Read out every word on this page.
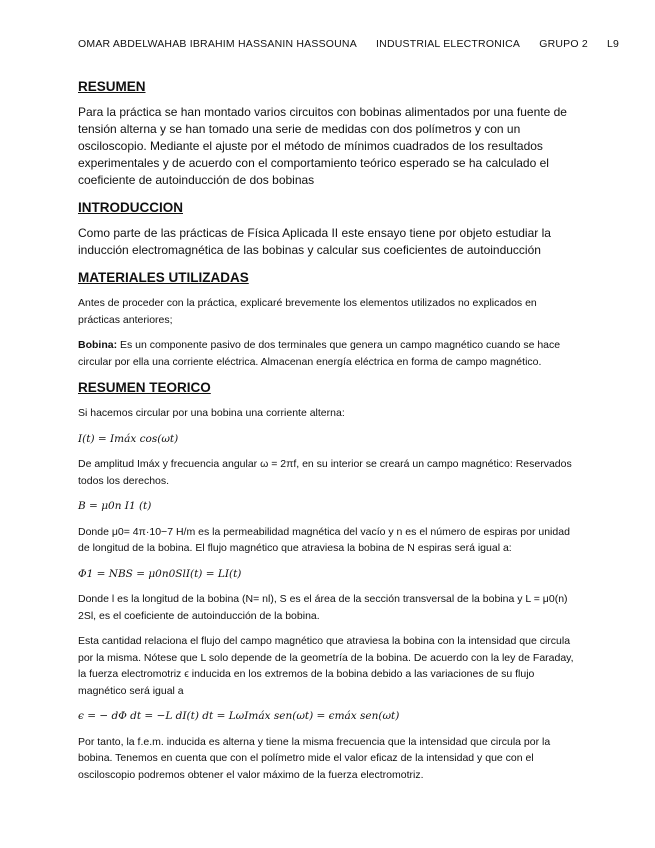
OMAR ABDELWAHAB IBRAHIM HASSANIN HASSOUNA INDUSTRIAL ELECTRONICA GRUPO 2 L9
RESUMEN

Para la práctica se han montado varios circuitos con bobinas alimentados por una fuente de tensión alterna y se han tomado una serie de medidas con dos polímetros y con un osciloscopio. Mediante el ajuste por el método de mínimos cuadrados de los resultados experimentales y de acuerdo con el comportamiento teórico esperado se ha calculado el coeficiente de autoinducción de dos bobinas

INTRODUCCION

Como parte de las prácticas de Física Aplicada II este ensayo tiene por objeto estudiar la inducción electromagnética de las bobinas y calcular sus coeficientes de autoinducción

MATERIALES UTILIZADAS

Antes de proceder con la práctica, explicaré brevemente los elementos utilizados no explicados en prácticas anteriores;

Bobina: Es un componente pasivo de dos terminales que genera un campo magnético cuando se hace circular por ella una corriente eléctrica. Almacenan energía eléctrica en forma de campo magnético.

RESUMEN TEORICO

Si hacemos circular por una bobina una corriente alterna:

I(t) = Imáx cos(ωt)

De amplitud Imáx y frecuencia angular ω = 2πf, en su interior se creará un campo magnético: Reservados todos los derechos.

B = μ0n I1 (t)

Donde μ0= 4π·10−7 H/m es la permeabilidad magnética del vacío y n es el número de espiras por unidad de longitud de la bobina. El flujo magnético que atraviesa la bobina de N espiras será igual a:

Φ1 = NBS = μ0n0SlI(t) = LI(t)

Donde l es la longitud de la bobina (N= nl), S es el área de la sección transversal de la bobina y L = μ0(n) 2Sl, es el coeficiente de autoinducción de la bobina.

Esta cantidad relaciona el flujo del campo magnético que atraviesa la bobina con la intensidad que circula por la misma. Nótese que L solo depende de la geometría de la bobina. De acuerdo con la ley de Faraday, la fuerza electromotriz ϵ inducida en los extremos de la bobina debido a las variaciones de su flujo magnético será igual a

ϵ = − dΦ dt = −L dI(t) dt = LωImáx sen(ωt) = ϵmáx sen(ωt)

Por tanto, la f.e.m. inducida es alterna y tiene la misma frecuencia que la intensidad que circula por la bobina. Tenemos en cuenta que con el polímetro mide el valor eficaz de la intensidad y que con el osciloscopio podremos obtener el valor máximo de la fuerza electromotriz.
